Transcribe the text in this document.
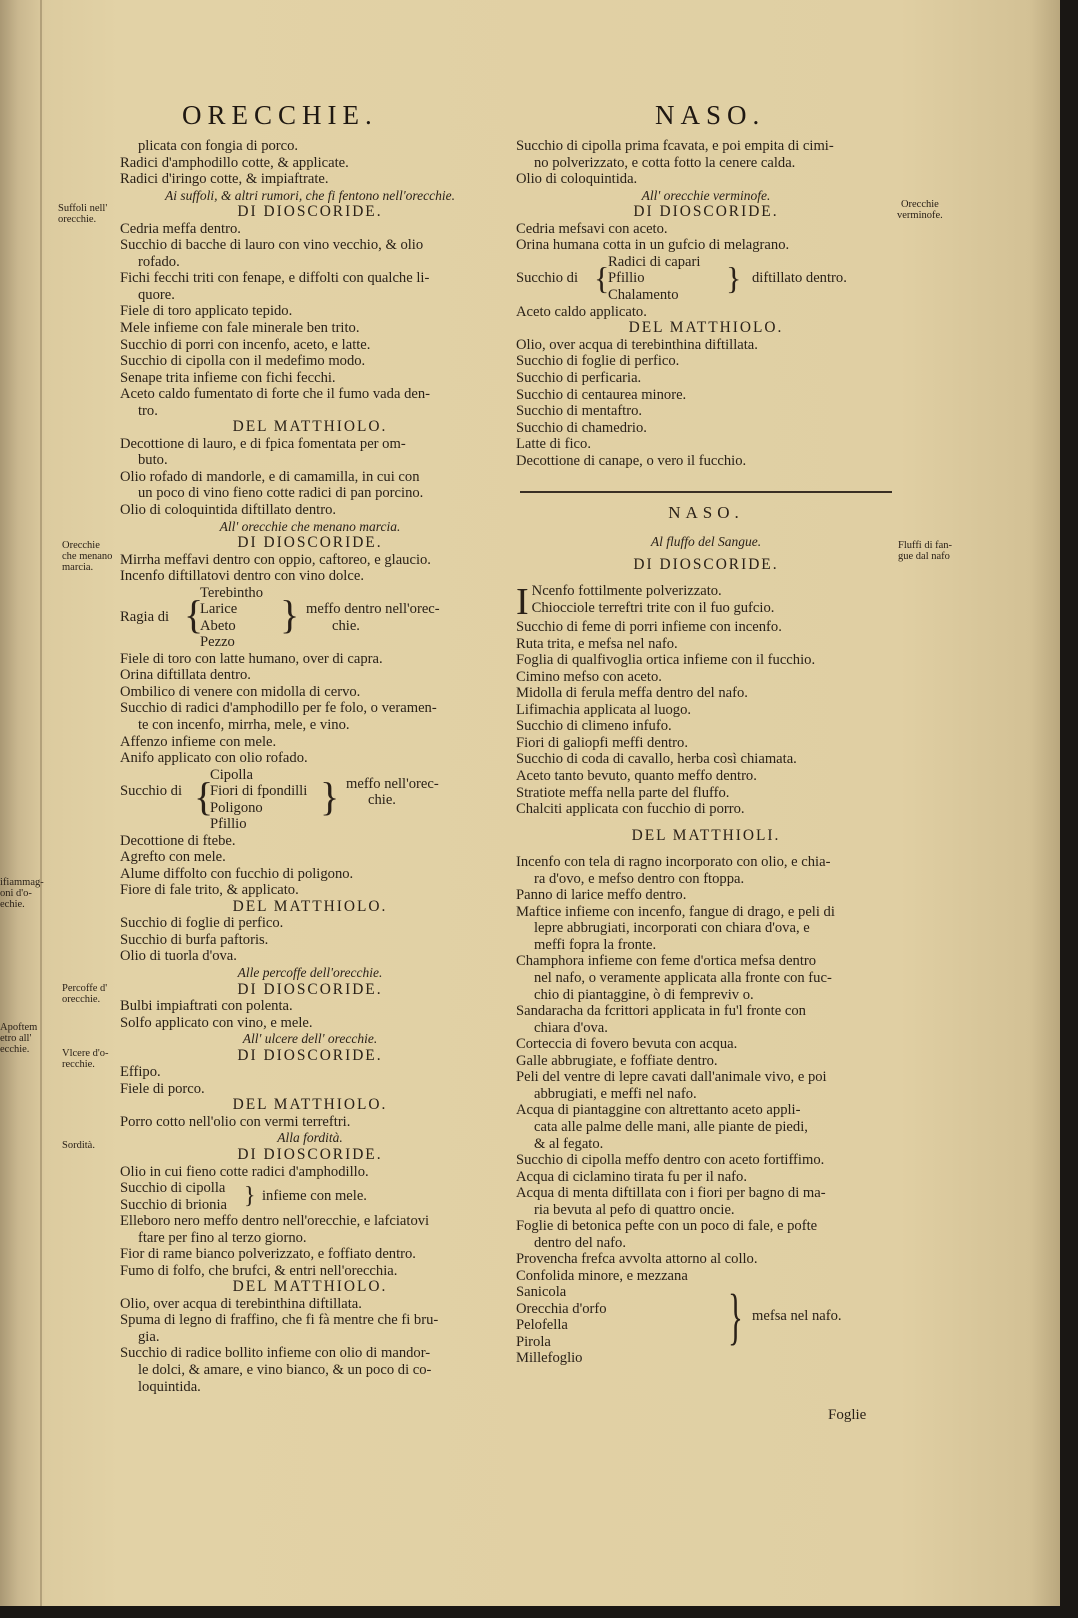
ORECCHIE.	NASO.
Suffoli nell'
orecchie.
Orecchie
che menano
marcia.
ifiammag-
oni d'o-
echie.
Percoffe d'
orecchie.
Apoftem
etro all'
ecchie.	Vlcere d'o-
recchie.
Sordità.
Orecchie
verminofe.
Fluffi di fan-
gue dal nafo
plicata con fongia di porco.
Radici d'amphodillo cotte, & applicate.
Radici d'iringo cotte, & impiaftrate.
Ai suffoli, & altri rumori, che fi fentono nell'orecchie.
DI DIOSCORIDE.
Cedria meffa dentro.
Succhio di bacche di lauro con vino vecchio, & olio
rofado.
Fichi fecchi triti con fenape, e diffolti con qualche li-
quore.
Fiele di toro applicato tepido.
Mele infieme con fale minerale ben trito.
Succhio di porri con incenfo, aceto, e latte.
Succhio di cipolla con il medefimo modo.
Senape trita infieme con fichi fecchi.
Aceto caldo fumentato di forte che il fumo vada den-
tro.
DEL MATTHIOLO.
Decottione di lauro, e di fpica fomentata per om-
buto.
Olio rofado di mandorle, e di camamilla, in cui con
un poco di vino fieno cotte radici di pan porcino.
Olio di coloquintida diftillato dentro.
All' orecchie che menano marcia.
DI DIOSCORIDE.
Mirrha meffavi dentro con oppio, caftoreo, e glaucio.
Incenfo diftillatovi dentro con vino dolce.
Ragia di {
Terebintho
Larice
Abeto
Pezzo
} meffo dentro nell'orec-
chie.
Fiele di toro con latte humano, over di capra.
Orina diftillata dentro.
Ombilico di venere con midolla di cervo.
Succhio di radici d'amphodillo per fe folo, o veramen-
te con incenfo, mirrha, mele, e vino.
Affenzo infieme con mele.
Anifo applicato con olio rofado.
Succhio di {
Cipolla
Fiori di fpondilli
Poligono
Pfillio
} meffo nell'orec-
chie.
Decottione di ftebe.
Agrefto con mele.
Alume diffolto con fucchio di poligono.
Fiore di fale trito, & applicato.
DEL MATTHIOLO.
Succhio di foglie di perfico.
Succhio di burfa paftoris.
Olio di tuorla d'ova.
Alle percoffe dell'orecchie.
DI DIOSCORIDE.
Bulbi impiaftrati con polenta.
Solfo applicato con vino, e mele.
All' ulcere dell' orecchie.
DI DIOSCORIDE.
Effipo.
Fiele di porco.
DEL MATTHIOLO.
Porro cotto nell'olio con vermi terreftri.
Alla fordità.
DI DIOSCORIDE.
Olio in cui fieno cotte radici d'amphodillo.
Succhio di cipolla
Succhio di brionia } infieme con mele.
Elleboro nero meffo dentro nell'orecchie, e lafciatovi
ftare per fino al terzo giorno.
Fior di rame bianco polverizzato, e foffiato dentro.
Fumo di folfo, che brufci, & entri nell'orecchia.
DEL MATTHIOLO.
Olio, over acqua di terebinthina diftillata.
Spuma di legno di fraffino, che fi fà mentre che fi bru-
gia.
Succhio di radice bollito infieme con olio di mandor-
le dolci, & amare, e vino bianco, & un poco di co-
loquintida.
Succhio di cipolla prima fcavata, e poi empita di cimi-
no polverizzato, e cotta fotto la cenere calda.
Olio di coloquintida.
All' orecchie verminofe.
DI DIOSCORIDE.
Cedria mefsavi con aceto.
Orina humana cotta in un gufcio di melagrano.
Succhio di {
Radici di capari
Pfillio
Chalamento } diftillato dentro.
Aceto caldo applicato.
DEL MATTHIOLO.
Olio, over acqua di terebinthina diftillata.
Succhio di foglie di perfico.
Succhio di perficaria.
Succhio di centaurea minore.
Succhio di mentaftro.
Succhio di chamedrio.
Latte di fico.
Decottione di canape, o vero il fucchio.
NASO.
Al fluffo del Sangue.
DI DIOSCORIDE.
I Ncenfo fottilmente polverizzato.
Chiocciole terreftri trite con il fuo gufcio.
Succhio di feme di porri infieme con incenfo.
Ruta trita, e mefsa nel nafo.
Foglia di qualfivoglia ortica infieme con il fucchio.
Cimino mefso con aceto.
Midolla di ferula meffa dentro del nafo.
Lifimachia applicata al luogo.
Succhio di climeno infufo.
Fiori di galiopfi meffi dentro.
Succhio di coda di cavallo, herba così chiamata.
Aceto tanto bevuto, quanto meffo dentro.
Stratiote meffa nella parte del fluffo.
Chalciti applicata con fucchio di porro.
DEL MATTHIOLI.
Incenfo con tela di ragno incorporato con olio, e chia-
ra d'ovo, e mefso dentro con ftoppa.
Panno di larice meffo dentro.
Maftice infieme con incenfo, fangue di drago, e peli di
lepre abbrugiati, incorporati con chiara d'ova, e
meffi fopra la fronte.
Champhora infieme con feme d'ortica mefsa dentro
nel nafo, o veramente applicata alla fronte con fuc-
chio di piantaggine, ò di fempreviv o.
Sandaracha da fcrittori applicata in fu'l fronte con
chiara d'ova.
Corteccia di fovero bevuta con acqua.
Galle abbrugiate, e foffiate dentro.
Peli del ventre di lepre cavati dall'animale vivo, e poi
abbrugiati, e meffi nel nafo.
Acqua di piantaggine con altrettanto aceto appli-
cata alle palme delle mani, alle piante de piedi,
& al fegato.
Succhio di cipolla meffo dentro con aceto fortiffimo.
Acqua di ciclamino tirata fu per il nafo.
Acqua di menta diftillata con i fiori per bagno di ma-
ria bevuta al pefo di quattro oncie.
Foglie di betonica pefte con un poco di fale, e pofte
dentro del nafo.
Provencha frefca avvolta attorno al collo.
Confolida minore, e mezzana
Sanicola
Orecchia d'orfo
Pelofella
Pirola
Millefoglio
} mefsa nel nafo.
Foglie
